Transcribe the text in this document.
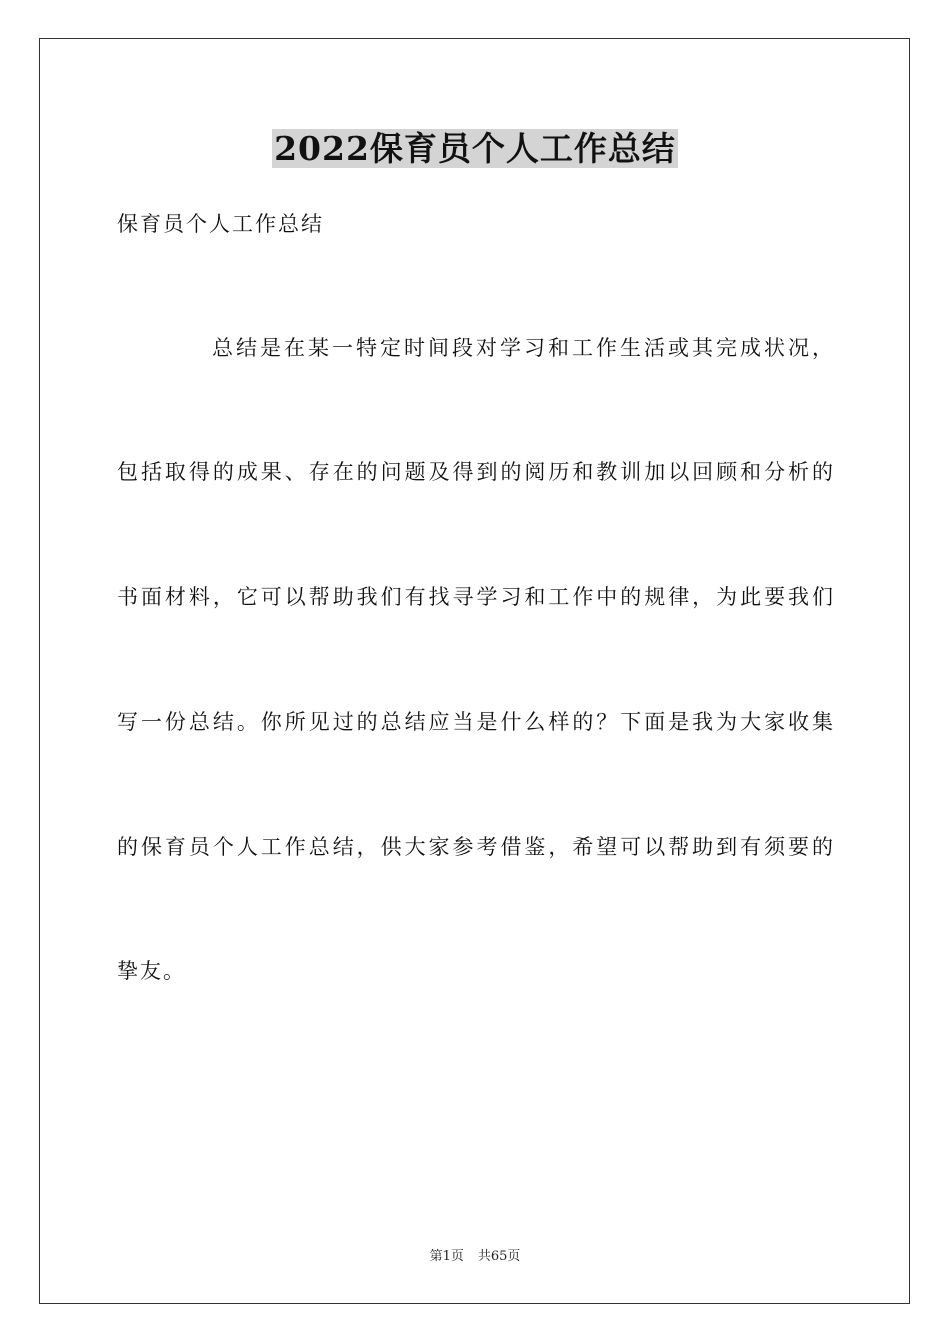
2022保育员个人工作总结
保育员个人工作总结
总结是在某一特定时间段对学习和工作生活或其完成状况，
包括取得的成果、存在的问题及得到的阅历和教训加以回顾和分析的
书面材料，它可以帮助我们有找寻学习和工作中的规律，为此要我们
写一份总结。你所见过的总结应当是什么样的？下面是我为大家收集
的保育员个人工作总结，供大家参考借鉴，希望可以帮助到有须要的
挚友。
第1页 共65页
